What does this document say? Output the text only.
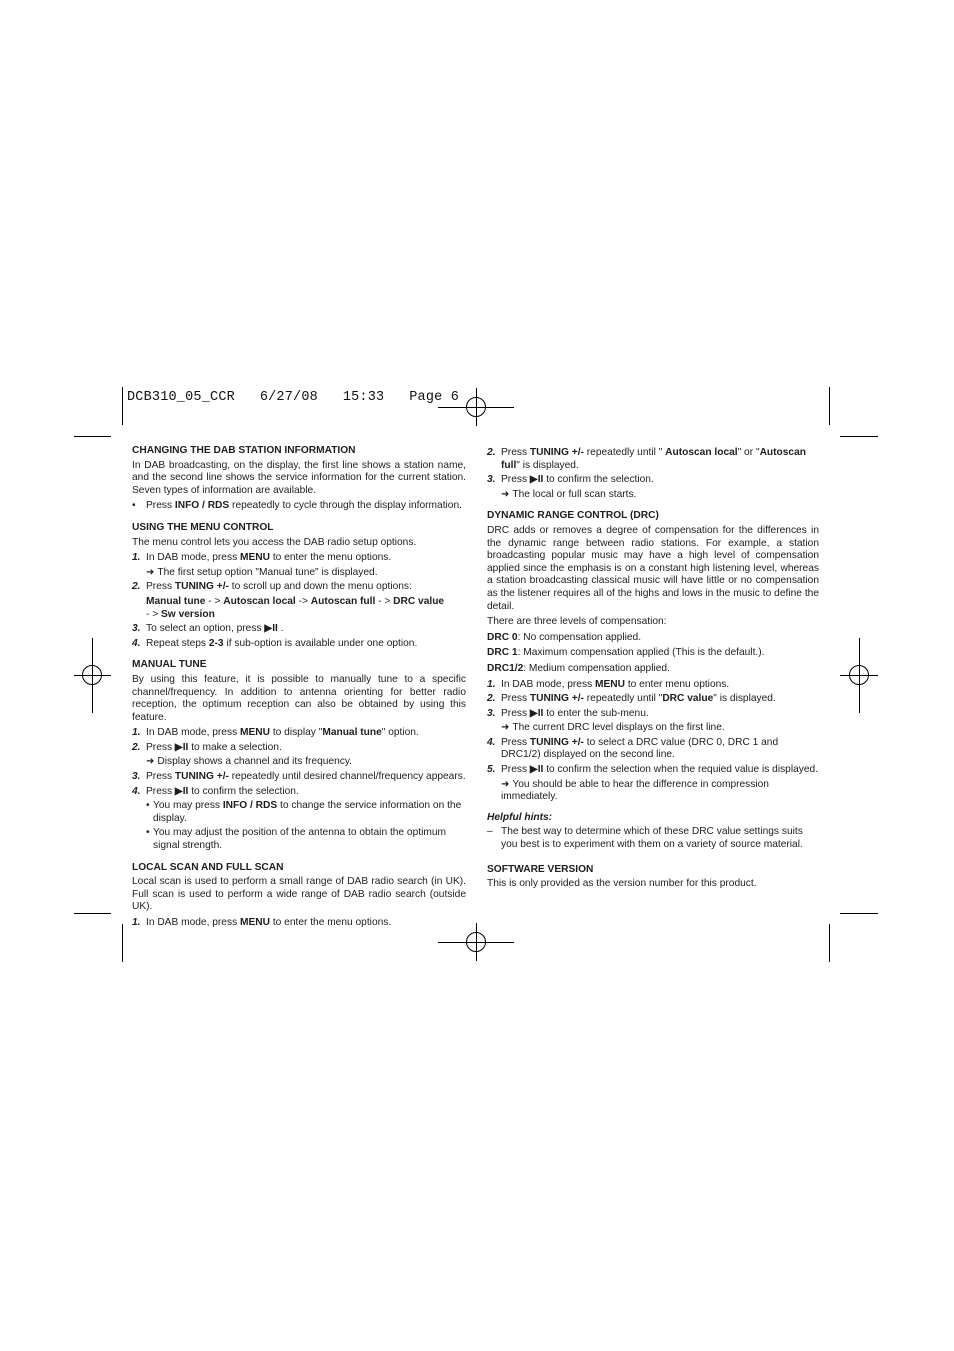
DCB310_05_CCR   6/27/08   15:33   Page 6
CHANGING THE DAB STATION INFORMATION
In DAB broadcasting, on the display, the first line shows a station name, and the second line shows the service information for the current station. Seven types of information are available.
• Press INFO / RDS repeatedly to cycle through the display information.
USING THE MENU CONTROL
The menu control lets you access the DAB radio setup options.
1. In DAB mode, press MENU to enter the menu options.
➜ The first setup option "Manual tune" is displayed.
2. Press TUNING +/- to scroll up and down the menu options:
Manual tune - > Autoscan local -> Autoscan full - > DRC value
- > Sw version
3. To select an option, press ▶II .
4. Repeat steps 2-3 if sub-option is available under one option.
MANUAL TUNE
By using this feature, it is possible to manually tune to a specific channel/frequency. In addition to antenna orienting for better radio reception, the optimum reception can also be obtained by using this feature.
1. In DAB mode, press MENU to display "Manual tune" option.
2. Press ▶II to make a selection.
➜ Display shows a channel and its frequency.
3. Press TUNING +/- repeatedly until desired channel/frequency appears.
4. Press ▶II to confirm the selection.
• You may press INFO / RDS to change the service information on the display.
• You may adjust the position of the antenna to obtain the optimum signal strength.
LOCAL SCAN AND FULL SCAN
Local scan is used to perform a small range of DAB radio search (in UK). Full scan is used to perform a wide range of DAB radio search (outside UK).
1. In DAB mode, press MENU to enter the menu options.
2. Press TUNING +/- repeatedly until " Autoscan local" or "Autoscan full" is displayed.
3. Press ▶II to confirm the selection.
➜ The local or full scan starts.
DYNAMIC RANGE CONTROL (DRC)
DRC adds or removes a degree of compensation for the differences in the dynamic range between radio stations. For example, a station broadcasting popular music may have a high level of compensation applied since the emphasis is on a constant high listening level, whereas a station broadcasting classical music will have little or no compensation as the listener requires all of the highs and lows in the music to define the detail.
There are three levels of compensation:
DRC 0: No compensation applied.
DRC 1: Maximum compensation applied (This is the default.).
DRC1/2: Medium compensation applied.
1. In DAB mode, press MENU to enter menu options.
2. Press TUNING +/- repeatedly until "DRC value" is displayed.
3. Press ▶II to enter the sub-menu.
➜ The current DRC level displays on the first line.
4. Press TUNING +/- to select a DRC value (DRC 0, DRC 1 and DRC1/2) displayed on the second line.
5. Press ▶II to confirm the selection when the requied value is displayed.
➜ You should be able to hear the difference in compression immediately.
Helpful hints:
– The best way to determine which of these DRC value settings suits you best is to experiment with them on a variety of source material.
SOFTWARE VERSION
This is only provided as the version number for this product.
